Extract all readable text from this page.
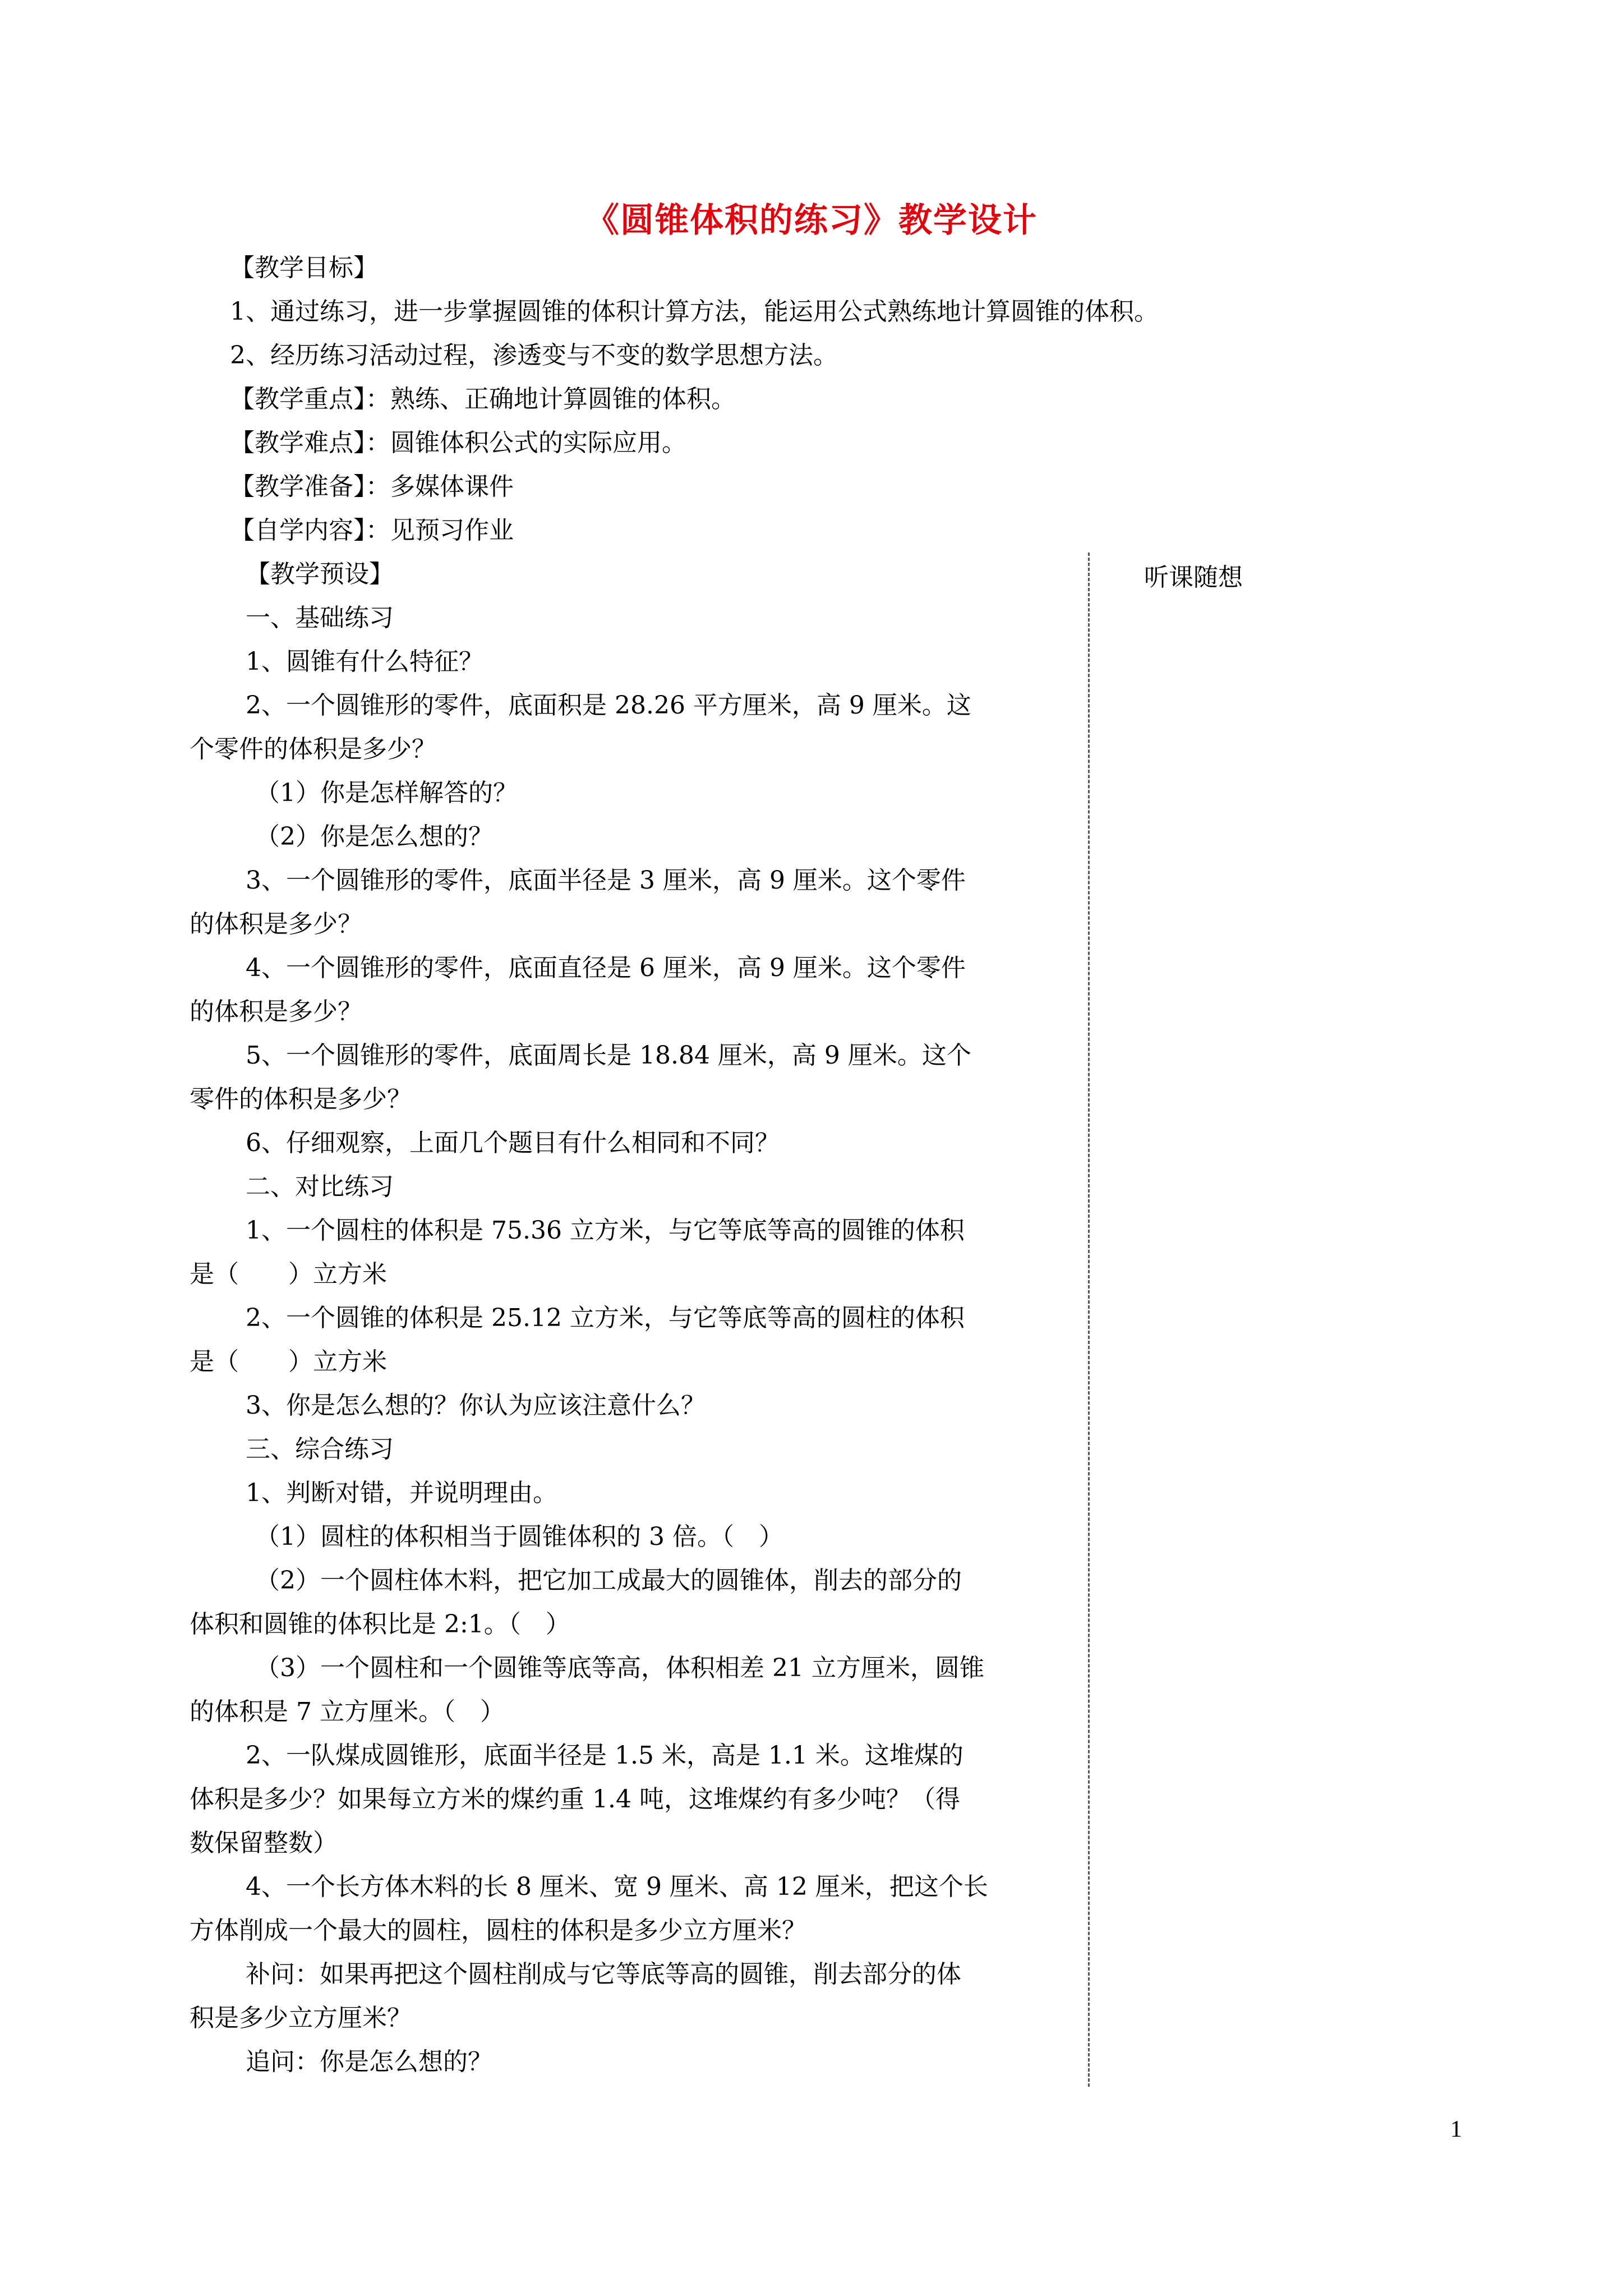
《圆锥体积的练习》教学设计
【教学目标】
1、通过练习，进一步掌握圆锥的体积计算方法，能运用公式熟练地计算圆锥的体积。
2、经历练习活动过程，渗透变与不变的数学思想方法。
【教学重点】：熟练、正确地计算圆锥的体积。
【教学难点】：圆锥体积公式的实际应用。
【教学准备】：多媒体课件
【自学内容】：见预习作业
听课随想
【教学预设】
一、基础练习
1、圆锥有什么特征？
2、一个圆锥形的零件，底面积是 28.26 平方厘米，高 9 厘米。这
个零件的体积是多少？
（1）你是怎样解答的？
（2）你是怎么想的？
3、一个圆锥形的零件，底面半径是 3 厘米，高 9 厘米。这个零件
的体积是多少？
4、一个圆锥形的零件，底面直径是 6 厘米，高 9 厘米。这个零件
的体积是多少？
5、一个圆锥形的零件，底面周长是 18.84 厘米，高 9 厘米。这个
零件的体积是多少？
6、仔细观察，上面几个题目有什么相同和不同？
二、对比练习
1、一个圆柱的体积是 75.36 立方米，与它等底等高的圆锥的体积
是（　　）立方米
2、一个圆锥的体积是 25.12 立方米，与它等底等高的圆柱的体积
是（　　）立方米
3、你是怎么想的？你认为应该注意什么？
三、综合练习
1、判断对错，并说明理由。
（1）圆柱的体积相当于圆锥体积的 3 倍。（　）
（2）一个圆柱体木料，把它加工成最大的圆锥体，削去的部分的
体积和圆锥的体积比是 2:1。（　）
（3）一个圆柱和一个圆锥等底等高，体积相差 21 立方厘米，圆锥
的体积是 7 立方厘米。（　）
2、一队煤成圆锥形，底面半径是 1.5 米，高是 1.1 米。这堆煤的
体积是多少？如果每立方米的煤约重 1.4 吨，这堆煤约有多少吨？（得
数保留整数）
4、一个长方体木料的长 8 厘米、宽 9 厘米、高 12 厘米，把这个长
方体削成一个最大的圆柱，圆柱的体积是多少立方厘米？
补问：如果再把这个圆柱削成与它等底等高的圆锥，削去部分的体
积是多少立方厘米？
追问：你是怎么想的？
1
